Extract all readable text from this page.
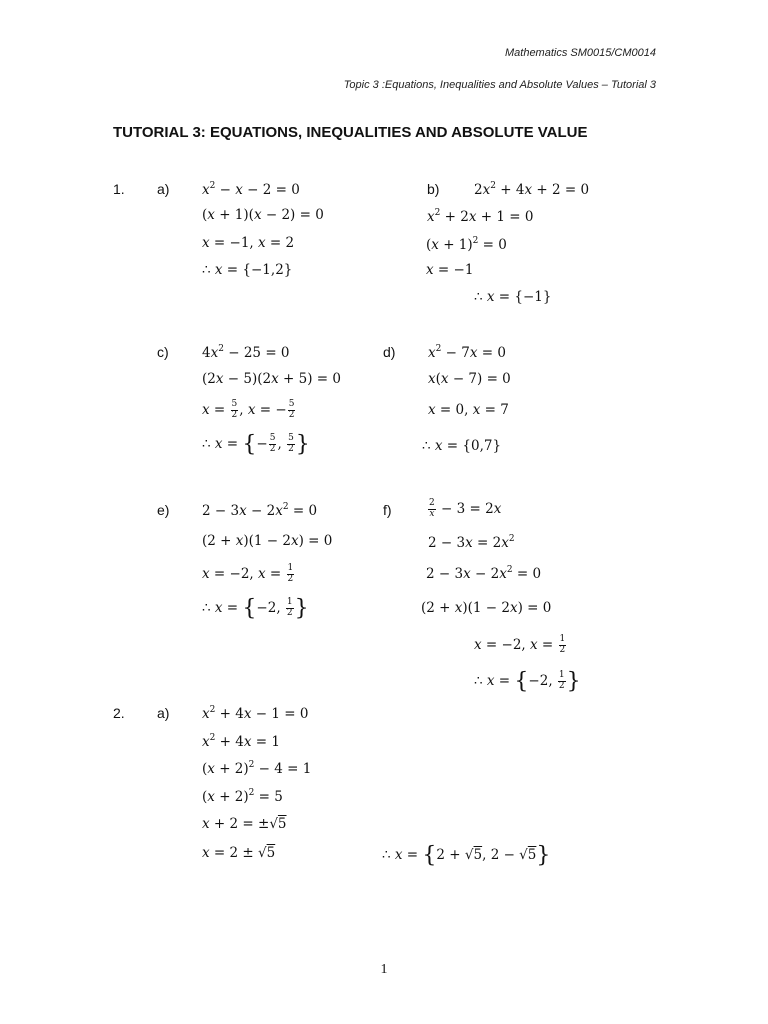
Mathematics SM0015/CM0014
Topic 3 :Equations, Inequalities and Absolute Values – Tutorial 3
TUTORIAL 3: EQUATIONS, INEQUALITIES AND ABSOLUTE VALUE
1. a)	b)
c)	d)
e)	f)
$x^2 - x - 2 = 0$
(x + 1)(x − 2) = 0
x = −1, x = 2
∴ x = {−1,2}
$2x^2 + 4x + 2 = 0$
$x^2 + 2x + 1 = 0$
$(x + 1)^2 = 0$
x = −1
∴ x = {−1}
$4x^2 - 25 = 0$
(2x − 5)(2x + 5) = 0
$x = \frac{5}{2}$ , x = − $\frac{5}{2}$
∴ x = {− $\frac{5}{2}$ , $\frac{5}{2}$ }
$x^2 - 7x = 0$
x(x − 7) = 0
x = 0, x = 7
∴ x = {0,7}
$2 - 3x - 2x^2 = 0$
(2 + x)(1 − 2x) = 0
x = −2, $x = \frac{1}{2}$
∴ x = {−2, $\frac{1}{2}$ }
$\frac{2}{x} - 3 = 2x$
$2 - 3x = 2x^2$
$2 - 3x - 2x^2 = 0$
(2 + x)(1 − 2x) = 0
x = −2, $x = \frac{1}{2}$
∴ x = {−2, $\frac{1}{2}$ }
2. a) $x^2 + 4x - 1 = 0$
$x^2 + 4x = 1$
$(x + 2)^2 - 4 = 1$
$(x + 2)^2 = 5$
x + 2 = ±√5
x = 2 ± √5	∴ x = {2 + √5, 2 − √5}
1
